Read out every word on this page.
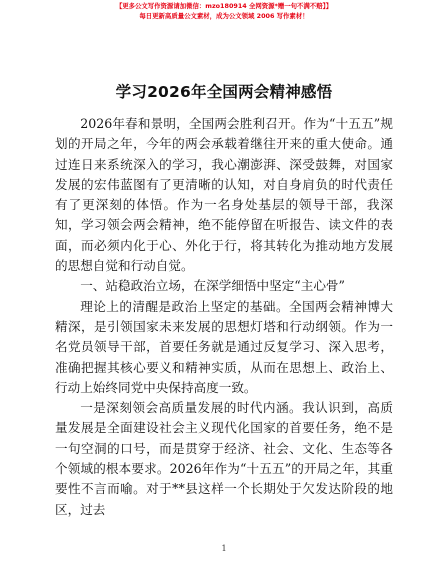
【更多公文写作资源请加微信：mzo180914 全网资源*赠一句不满不赔】】
每日更新高质量公文素材，成为公文领域 2006 写作素材！
学习2026年全国两会精神感悟

2026年春和景明，全国两会胜利召开。作为“十五五”规划的开局之年，今年的两会承载着继往开来的重大使命。通过连日来系统深入的学习，我心潮澎湃、深受鼓舞，对国家发展的宏伟蓝图有了更清晰的认知，对自身肩负的时代责任有了更深刻的体悟。作为一名身处基层的领导干部，我深知，学习领会两会精神，绝不能停留在听报告、读文件的表面，而必须内化于心、外化于行，将其转化为推动地方发展的思想自觉和行动自觉。

一、站稳政治立场，在深学细悟中坚定“主心骨”

理论上的清醒是政治上坚定的基础。全国两会精神博大精深，是引领国家未来发展的思想灯塔和行动纲领。作为一名党员领导干部，首要任务就是通过反复学习、深入思考，准确把握其核心要义和精神实质，从而在思想上、政治上、行动上始终同党中央保持高度一致。

一是深刻领会高质量发展的时代内涵。我认识到，高质量发展是全面建设社会主义现代化国家的首要任务，绝不是一句空洞的口号，而是贯穿于经济、社会、文化、生态等各个领域的根本要求。2026年作为“十五五”的开局之年，其重要性不言而喻。对于**县这样一个长期处于欠发达阶段的地区，过去

1
